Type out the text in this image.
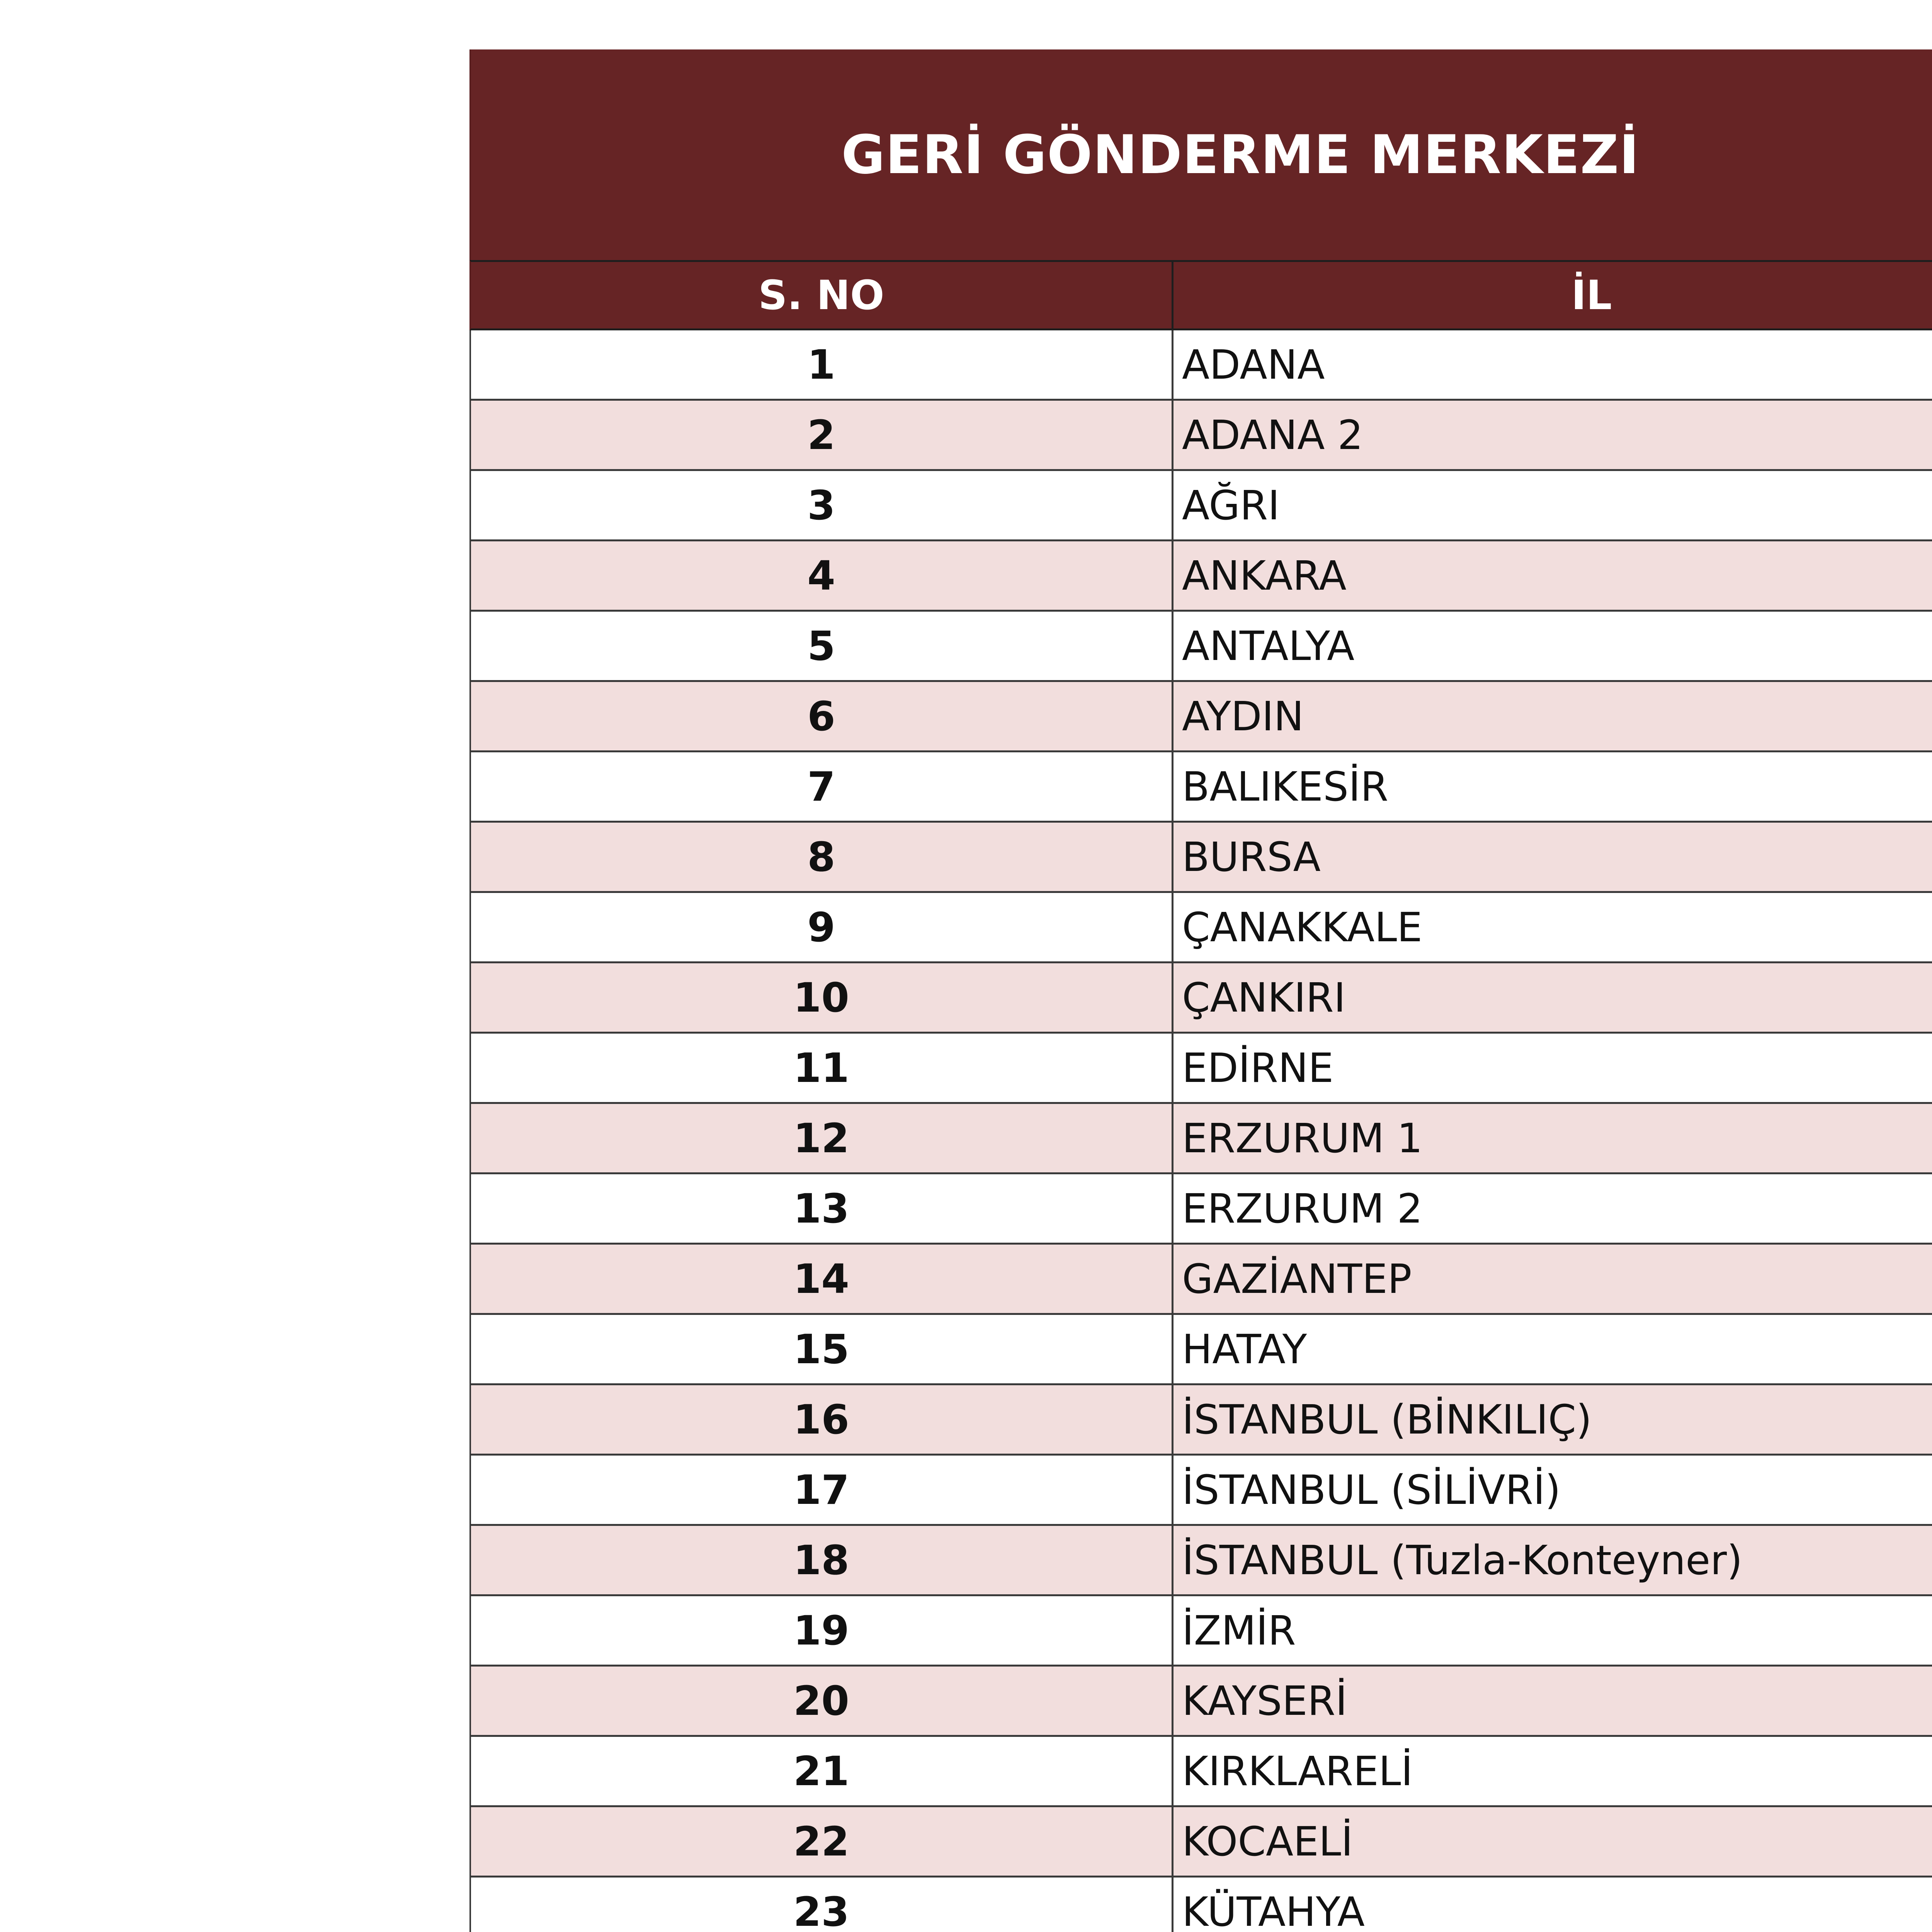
GERİ GÖNDERME MERKEZİ
S. NO	İL
1	ADANA
2	ADANA 2
3	AĞRI
4	ANKARA
5	ANTALYA
6	AYDIN
7	BALIKESİR
8	BURSA
9	ÇANAKKALE
10	ÇANKIRI
11	EDİRNE
12	ERZURUM 1
13	ERZURUM 2
14	GAZİANTEP
15	HATAY
16	İSTANBUL (BİNKILIÇ)
17	İSTANBUL (SİLİVRİ)
18	İSTANBUL (Tuzla-Konteyner)
19	İZMİR
20	KAYSERİ
21	KIRKLARELİ
22	KOCAELİ
23	KÜTAHYA
